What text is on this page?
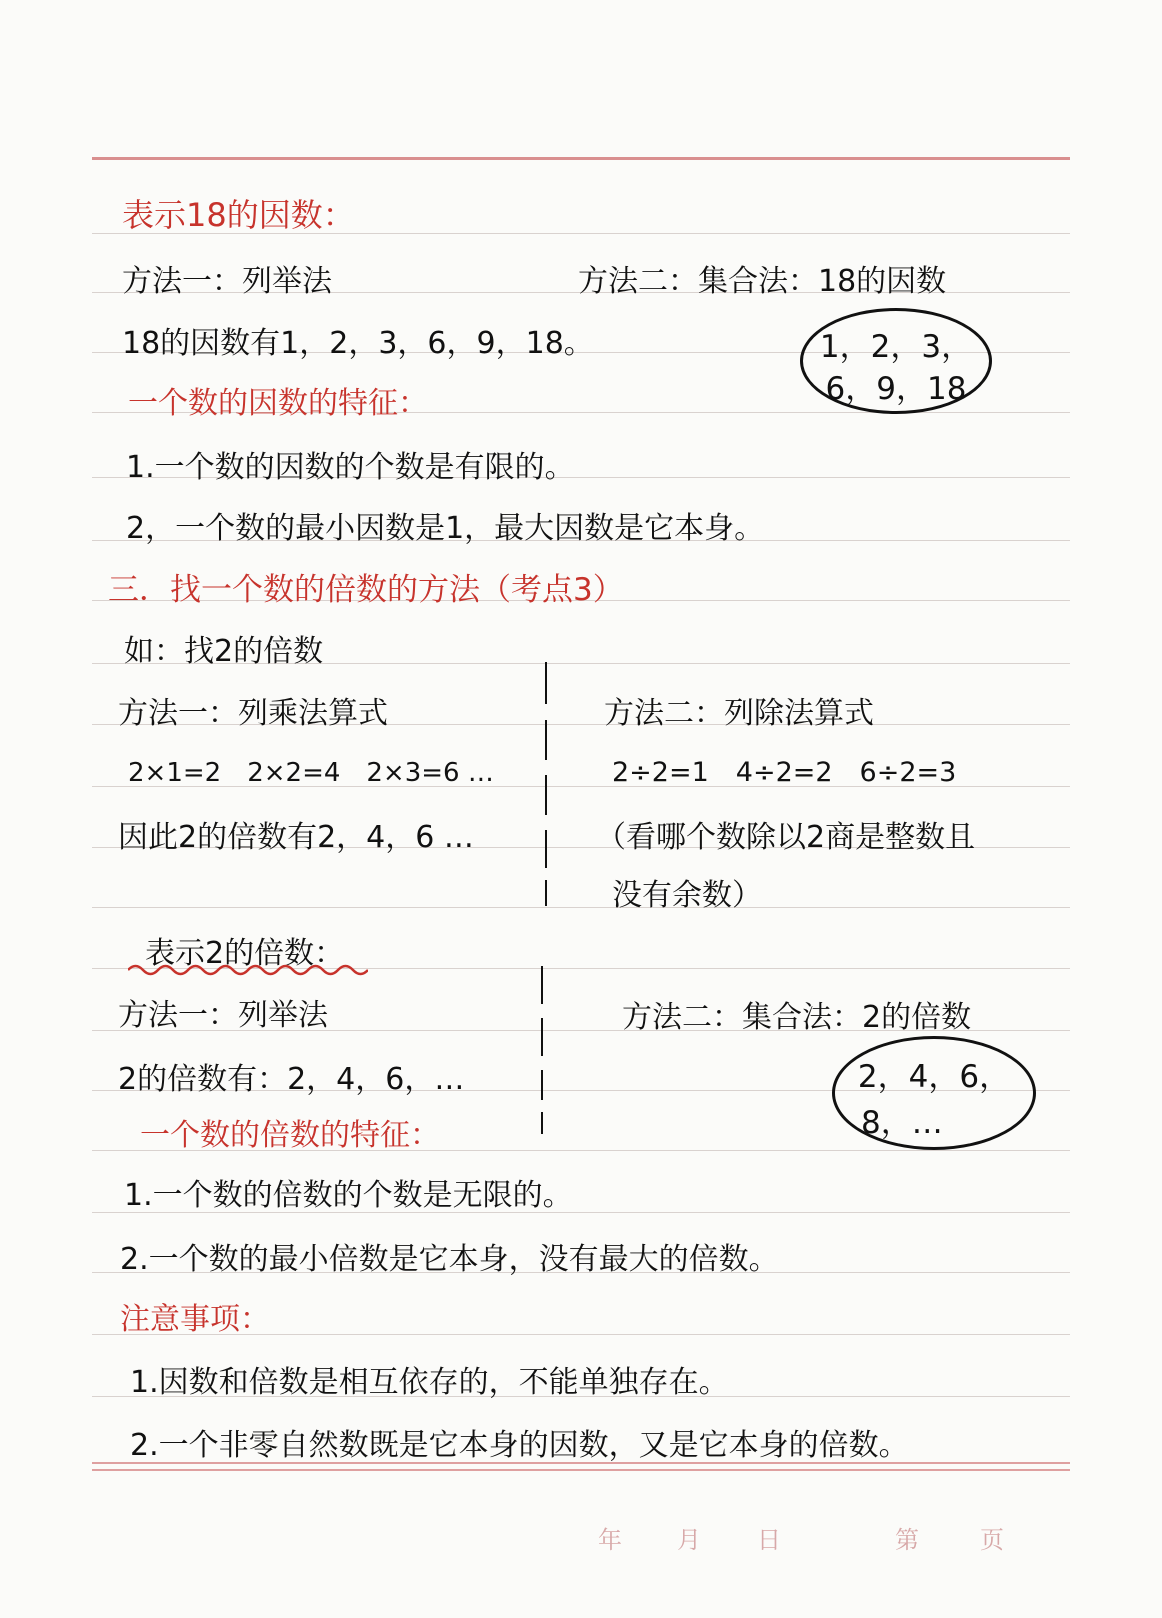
表示18的因数：
方法一：列举法	方法二：集合法：18的因数
18的因数有1，2，3，6，9，18。	1，2，3，
6，9，18
一个数的因数的特征：
1.一个数的因数的个数是有限的。
2，一个数的最小因数是1，最大因数是它本身。
三．找一个数的倍数的方法（考点3）
如：找2的倍数
方法一：列乘法算式
2×1=2　2×2=4　2×3=6 …
因此2的倍数有2，4，6 …
方法二：列除法算式
2÷2=1　4÷2=2　6÷2=3
（看哪个数除以2商是整数且
没有余数）
表示2的倍数：
方法一：列举法
2的倍数有：2，4，6，…
方法二：集合法：2的倍数
2，4，6，
8，…
一个数的倍数的特征：
1.一个数的倍数的个数是无限的。
2.一个数的最小倍数是它本身，没有最大的倍数。
注意事项：
1.因数和倍数是相互依存的，不能单独存在。
2.一个非零自然数既是它本身的因数，又是它本身的倍数。
年 月 日	第	页
